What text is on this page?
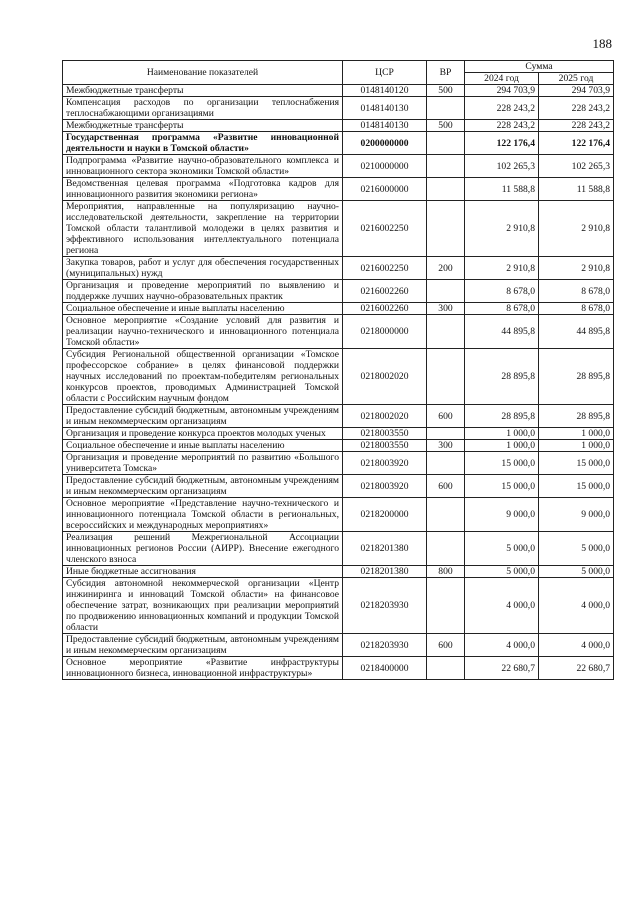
188
Наименование показателей	ЦСР	ВР	Сумма	
			2024 год	2025 год
Межбюджетные трансферты	0148140120	500	294 703,9	294 703,9
Компенсация расходов по организации теплоснабжения теплоснабжающими организациями	0148140130		228 243,2	228 243,2
Межбюджетные трансферты	0148140130	500	228 243,2	228 243,2
Государственная программа «Развитие инновационной деятельности и науки в Томской области»	0200000000		122 176,4	122 176,4
Подпрограмма «Развитие научно-образовательного комплекса и инновационного сектора экономики Томской области»	0210000000		102 265,3	102 265,3
Ведомственная целевая программа «Подготовка кадров для инновационного развития экономики региона»	0216000000		11 588,8	11 588,8
Мероприятия, направленные на популяризацию научно-исследовательской деятельности, закрепление на территории Томской области талантливой молодежи в целях развития и эффективного использования интеллектуального потенциала региона	0216002250		2 910,8	2 910,8
Закупка товаров, работ и услуг для обеспечения государственных (муниципальных) нужд	0216002250	200	2 910,8	2 910,8
Организация и проведение мероприятий по выявлению и поддержке лучших научно-образовательных практик	0216002260		8 678,0	8 678,0
Социальное обеспечение и иные выплаты населению	0216002260	300	8 678,0	8 678,0
Основное мероприятие «Создание условий для развития и реализации научно-технического и инновационного потенциала Томской области»	0218000000		44 895,8	44 895,8
Субсидия Региональной общественной организации «Томское профессорское собрание» в целях финансовой поддержки научных исследований по проектам-победителям региональных конкурсов проектов, проводимых Администрацией Томской области с Российским научным фондом	0218002020		28 895,8	28 895,8
Предоставление субсидий бюджетным, автономным учреждениям и иным некоммерческим организациям	0218002020	600	28 895,8	28 895,8
Организация и проведение конкурса проектов молодых ученых	0218003550		1 000,0	1 000,0
Социальное обеспечение и иные выплаты населению	0218003550	300	1 000,0	1 000,0
Организация и проведение мероприятий по развитию «Большого университета Томска»	0218003920		15 000,0	15 000,0
Предоставление субсидий бюджетным, автономным учреждениям и иным некоммерческим организациям	0218003920	600	15 000,0	15 000,0
Основное мероприятие «Представление научно-технического и инновационного потенциала Томской области в региональных, всероссийских и международных мероприятиях»	0218200000		9 000,0	9 000,0
Реализация решений Межрегиональной Ассоциации инновационных регионов России (АИРР). Внесение ежегодного членского взноса	0218201380		5 000,0	5 000,0
Иные бюджетные ассигнования	0218201380	800	5 000,0	5 000,0
Субсидия автономной некоммерческой организации «Центр инжиниринга и инноваций Томской области» на финансовое обеспечение затрат, возникающих при реализации мероприятий по продвижению инновационных компаний и продукции Томской области	0218203930		4 000,0	4 000,0
Предоставление субсидий бюджетным, автономным учреждениям и иным некоммерческим организациям	0218203930	600	4 000,0	4 000,0
Основное мероприятие «Развитие инфраструктуры инновационного бизнеса, инновационной инфраструктуры»	0218400000		22 680,7	22 680,7
